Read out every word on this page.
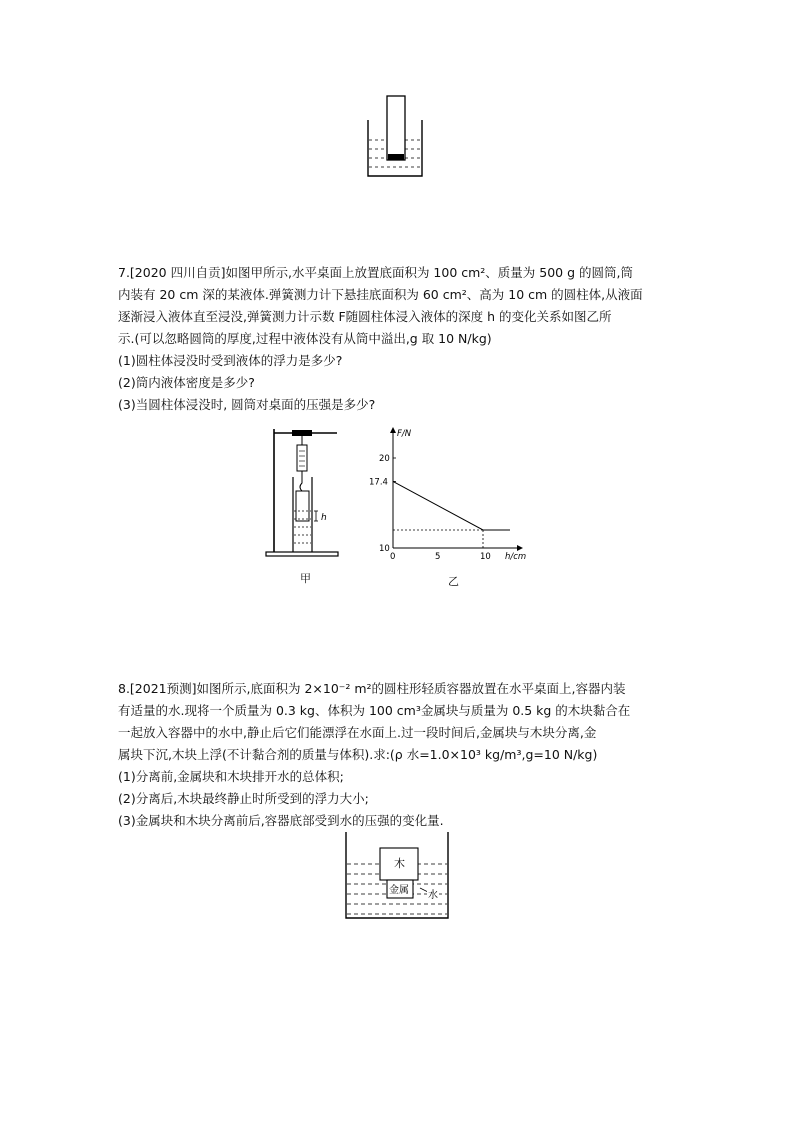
7.[2020 四川自贡]如图甲所示,水平桌面上放置底面积为 100 cm²、质量为 500 g 的圆筒,筒
内装有 20 cm 深的某液体.弹簧测力计下悬挂底面积为 60 cm²、高为 10 cm 的圆柱体,从液面
逐渐浸入液体直至浸没,弹簧测力计示数 F随圆柱体浸入液体的深度 h 的变化关系如图乙所
示.(可以忽略圆筒的厚度,过程中液体没有从筒中溢出,g 取 10 N/kg)
(1)圆柱体浸没时受到液体的浮力是多少?
(2)筒内液体密度是多少?
(3)当圆柱体浸没时, 圆筒对桌面的压强是多少?
h
甲
F/N
h/cm
0	5	10
10
17.4
20
乙
8.[2021预测]如图所示,底面积为 2×10⁻² m²的圆柱形轻质容器放置在水平桌面上,容器内装
有适量的水.现将一个质量为 0.3 kg、体积为 100 cm³金属块与质量为 0.5 kg 的木块黏合在
一起放入容器中的水中,静止后它们能漂浮在水面上.过一段时间后,金属块与木块分离,金
属块下沉,木块上浮(不计黏合剂的质量与体积).求:(ρ 水=1.0×10³ kg/m³,g=10 N/kg)
(1)分离前,金属块和木块排开水的总体积;
(2)分离后,木块最终静止时所受到的浮力大小;
(3)金属块和木块分离前后,容器底部受到水的压强的变化量.
木
金属 水
